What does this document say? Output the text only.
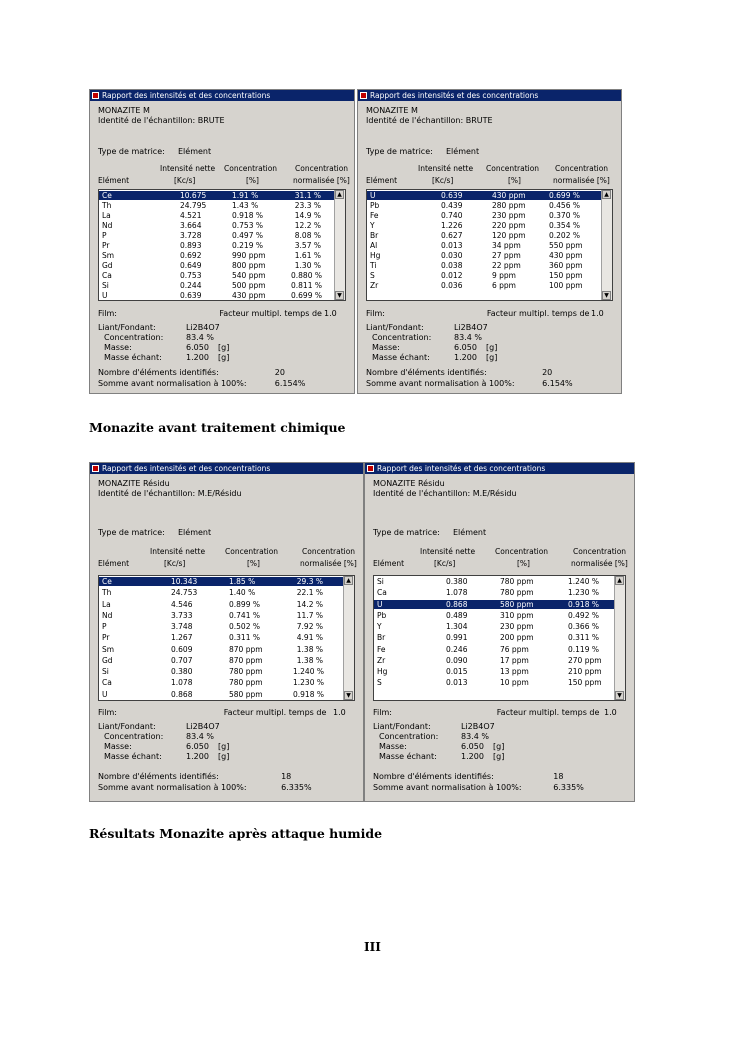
Rapport des intensités et des concentrations
MONAZITE M
Identité de l'échantillon: BRUTE
Type de matrice: Elément
Intensité nette
[Kc/s]
Concentration
[%]
Concentration
normalisée [%]
Elément
Ce	10.675	1.91 %	31.1 %
Th	24.795	1.43 %	23.3 %
La	4.521	0.918 %	14.9 %
Nd	3.664	0.753 %	12.2 %
P	3.728	0.497 %	8.08 %
Pr	0.893	0.219 %	3.57 %
Sm	0.692	990 ppm	1.61 %
Gd	0.649	800 ppm	1.30 %
Ca	0.753	540 ppm	0.880 %
Si	0.244	500 ppm	0.811 %
U	0.639	430 ppm	0.699 %
▲
▼
Film:	Facteur multipl. temps de 1.0
Liant/Fondant:	Li2B4O7
Concentration:	83.4 %
Masse:	6.050 [g]
Masse échant:	1.200 [g]
Nombre d'éléments identifiés:	20
Somme avant normalisation à 100%:	6.154%
Rapport des intensités et des concentrations
MONAZITE M
Identité de l'échantillon: BRUTE
Type de matrice: Elément
Intensité nette
[Kc/s]
Concentration
[%]
Concentration
normalisée [%]
Elément
U	0.639	430 ppm	0.699 %
Pb	0.439	280 ppm	0.456 %
Fe	0.740	230 ppm	0.370 %
Y	1.226	220 ppm	0.354 %
Br	0.627	120 ppm	0.202 %
Al	0.013	34 ppm	550 ppm
Hg	0.030	27 ppm	430 ppm
Ti	0.038	22 ppm	360 ppm
S	0.012	9 ppm	150 ppm
Zr	0.036	6 ppm	100 ppm
▲
▼
Film:	Facteur multipl. temps de 1.0
Liant/Fondant:	Li2B4O7
Concentration:	83.4 %
Masse:	6.050 [g]
Masse échant:	1.200 [g]
Nombre d'éléments identifiés:	20
Somme avant normalisation à 100%:	6.154%
Rapport des intensités et des concentrations
MONAZITE Résidu
Identité de l'échantillon: M.E/Résidu
Type de matrice: Elément
Intensité nette
[Kc/s]
Concentration
[%]
Concentration
normalisée [%]
Elément
Ce	10.343	1.85 %	29.3 %
Th	24.753	1.40 %	22.1 %
La	4.546	0.899 %	14.2 %
Nd	3.733	0.741 %	11.7 %
P	3.748	0.502 %	7.92 %
Pr	1.267	0.311 %	4.91 %
Sm	0.609	870 ppm	1.38 %
Gd	0.707	870 ppm	1.38 %
Si	0.380	780 ppm	1.240 %
Ca	1.078	780 ppm	1.230 %
U	0.868	580 ppm	0.918 %
▲
▼
Film:	Facteur multipl. temps de 1.0
Liant/Fondant:	Li2B4O7
Concentration:	83.4 %
Masse:	6.050 [g]
Masse échant:	1.200 [g]
Nombre d'éléments identifiés:	18
Somme avant normalisation à 100%:	6.335%
Rapport des intensités et des concentrations
MONAZITE Résidu
Identité de l'échantillon: M.E/Résidu
Type de matrice: Elément
Intensité nette
[Kc/s]
Concentration
[%]
Concentration
normalisée [%]
Elément
Si	0.380	780 ppm	1.240 %
Ca	1.078	780 ppm	1.230 %
U	0.868	580 ppm	0.918 %
Pb	0.489	310 ppm	0.492 %
Y	1.304	230 ppm	0.366 %
Br	0.991	200 ppm	0.311 %
Fe	0.246	76 ppm	0.119 %
Zr	0.090	17 ppm	270 ppm
Hg	0.015	13 ppm	210 ppm
S	0.013	10 ppm	150 ppm
▲
▼
Film:	Facteur multipl. temps de 1.0
Liant/Fondant:	Li2B4O7
Concentration:	83.4 %
Masse:	6.050 [g]
Masse échant:	1.200 [g]
Nombre d'éléments identifiés:	18
Somme avant normalisation à 100%:	6.335%
Monazite avant traitement chimique
Résultats Monazite après attaque humide
III
